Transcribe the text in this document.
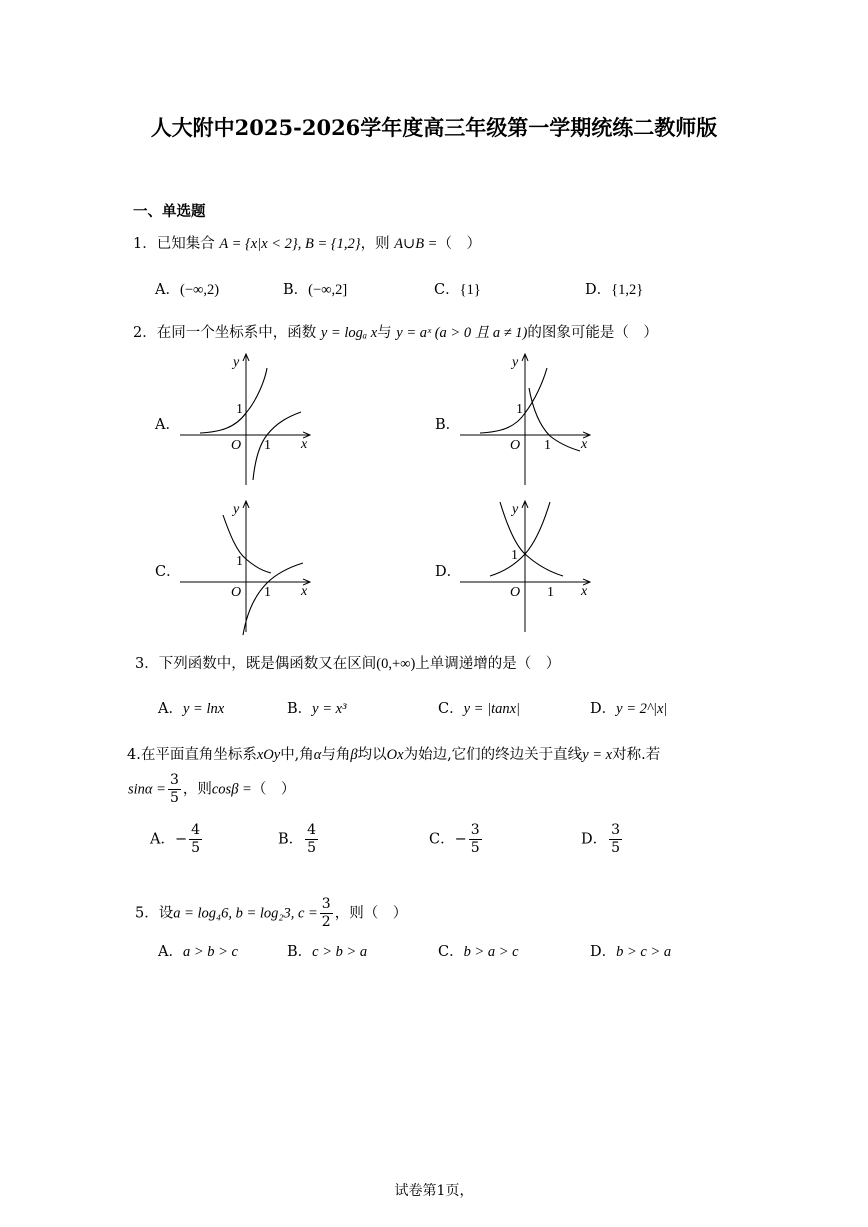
人大附中2025-2026学年度高三年级第一学期统练二教师版
一、单选题
1．已知集合 A = {x|x < 2}, B = {1,2}，则 A∪B =（　）
A．(−∞,2)	B．(−∞,2]	C．{1}	D．{1,2}
2．在同一个坐标系中，函数 y = logₐ x与 y = aˣ (a > 0 且 a ≠ 1)的图象可能是（　）
A．	B．
C．	D．
y
x
O
1
1
y
x
O
1
1
y
x
O
1
1
y
x
O
1
1
3．下列函数中，既是偶函数又在区间(0,+∞)上单调递增的是（　）
A．y = lnx	B．y = x³	C．y = |tanx|	D．y = 2^|x|
4.在平面直角坐标系xOy中,角α与角β均以Ox为始边,它们的终边关于直线y = x对称.若
$\sin\alpha = \frac{3}{5}$ ，则cosβ =（　）
A．− $\frac{4}{5}$	B． $\frac{4}{5}$	C．− $\frac{3}{5}$	D． $\frac{3}{5}$
5．设a = log₄6, b = log₂3, $c = \frac{3}{2}$ ，则（　）
A．a > b > c	B．c > b > a	C．b > a > c	D．b > c > a
试卷第1页，
